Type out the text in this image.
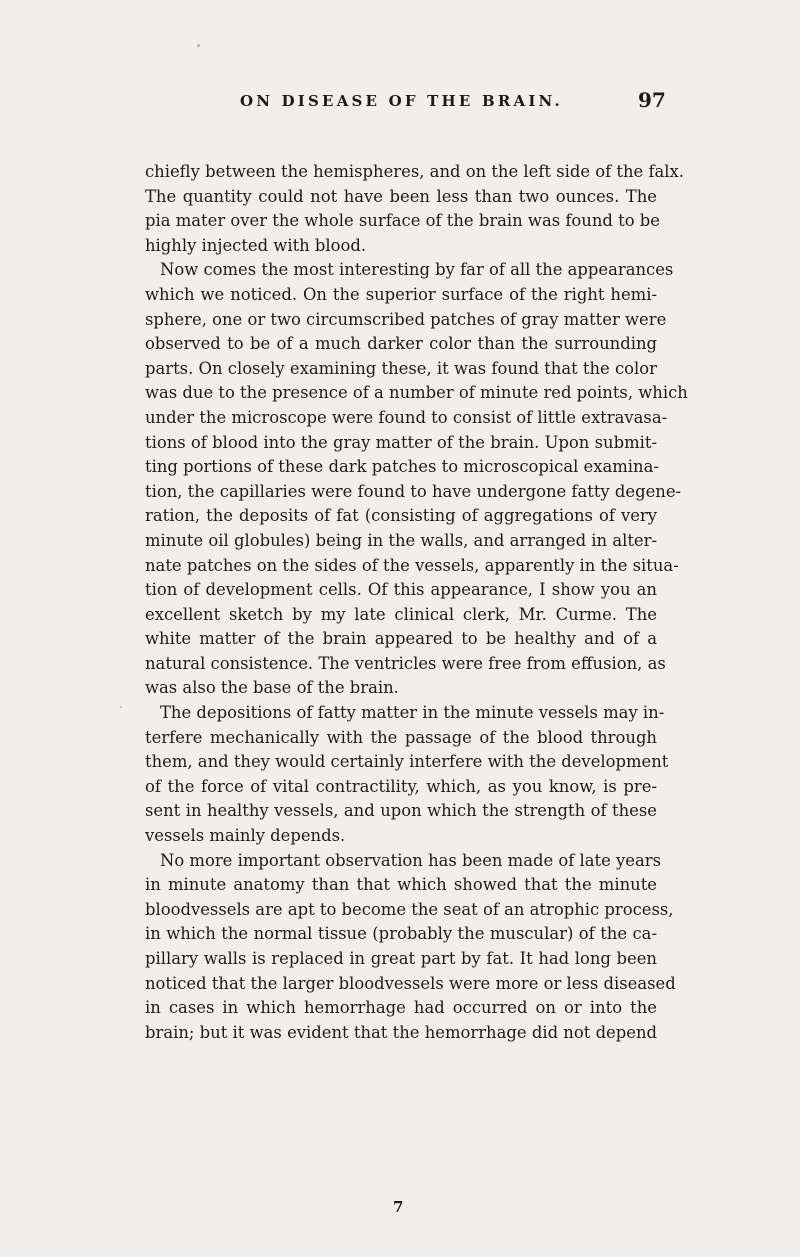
ON DISEASE OF THE BRAIN.	97
chiefly between the hemispheres, and on the left side of the falx.
The quantity could not have been less than two ounces. The
pia mater over the whole surface of the brain was found to be
highly injected with blood.
Now comes the most interesting by far of all the appearances
which we noticed. On the superior surface of the right hemi-
sphere, one or two circumscribed patches of gray matter were
observed to be of a much darker color than the surrounding
parts. On closely examining these, it was found that the color
was due to the presence of a number of minute red points, which
under the microscope were found to consist of little extravasa-
tions of blood into the gray matter of the brain. Upon submit-
ting portions of these dark patches to microscopical examina-
tion, the capillaries were found to have undergone fatty degene-
ration, the deposits of fat (consisting of aggregations of very
minute oil globules) being in the walls, and arranged in alter-
nate patches on the sides of the vessels, apparently in the situa-
tion of development cells. Of this appearance, I show you an
excellent sketch by my late clinical clerk, Mr. Curme. The
white matter of the brain appeared to be healthy and of a
natural consistence. The ventricles were free from effusion, as
was also the base of the brain.
The depositions of fatty matter in the minute vessels may in-
terfere mechanically with the passage of the blood through
them, and they would certainly interfere with the development
of the force of vital contractility, which, as you know, is pre-
sent in healthy vessels, and upon which the strength of these
vessels mainly depends.
No more important observation has been made of late years
in minute anatomy than that which showed that the minute
bloodvessels are apt to become the seat of an atrophic process,
in which the normal tissue (probably the muscular) of the ca-
pillary walls is replaced in great part by fat. It had long been
noticed that the larger bloodvessels were more or less diseased
in cases in which hemorrhage had occurred on or into the
brain; but it was evident that the hemorrhage did not depend
7
